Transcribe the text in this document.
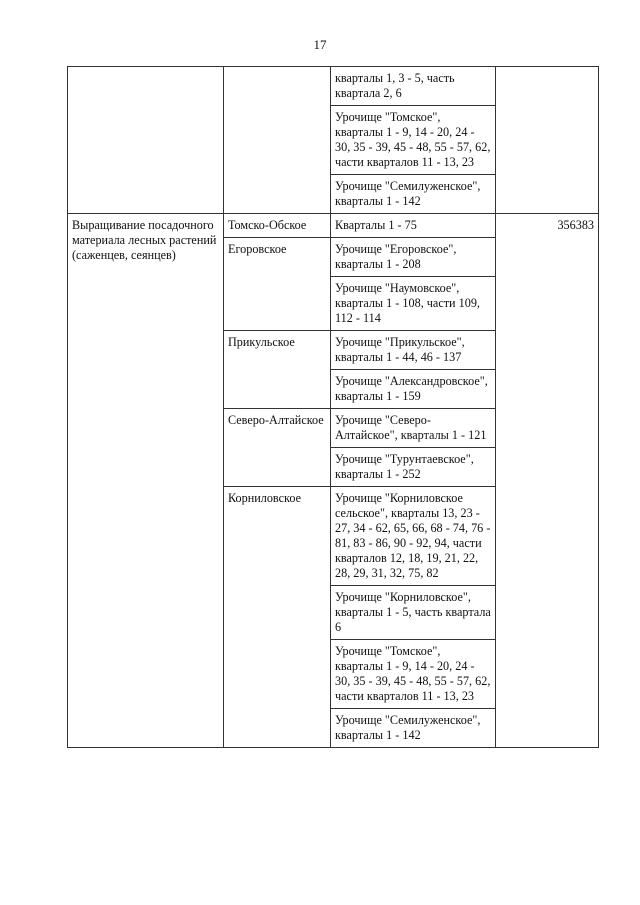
17
		кварталы 1, 3 - 5, часть квартала 2, 6	
		Урочище "Томское", кварталы 1 - 9, 14 - 20, 24 - 30, 35 - 39, 45 - 48, 55 - 57, 62, части кварталов 11 - 13, 23	
		Урочище "Семилуженское", кварталы 1 - 142	
Выращивание посадочного материала лесных растений (саженцев, сеянцев)	Томско-Обское	Кварталы 1 - 75	356383
	Егоровское	Урочище "Егоровское", кварталы 1 - 208	
		Урочище "Наумовское", кварталы 1 - 108, части 109, 112 - 114	
	Прикульское	Урочище "Прикульское", кварталы 1 - 44, 46 - 137	
		Урочище "Александровское", кварталы 1 - 159	
	Северо-Алтайское	Урочище "Северо-Алтайское", кварталы 1 - 121	
		Урочище "Турунтаевское", кварталы 1 - 252	
	Корниловское	Урочище "Корниловское сельское", кварталы 13, 23 - 27, 34 - 62, 65, 66, 68 - 74, 76 - 81, 83 - 86, 90 - 92, 94, части кварталов 12, 18, 19, 21, 22, 28, 29, 31, 32, 75, 82	
		Урочище "Корниловское", кварталы 1 - 5, часть квартала 6	
		Урочище "Томское", кварталы 1 - 9, 14 - 20, 24 - 30, 35 - 39, 45 - 48, 55 - 57, 62, части кварталов 11 - 13, 23	
		Урочище "Семилуженское", кварталы 1 - 142	
